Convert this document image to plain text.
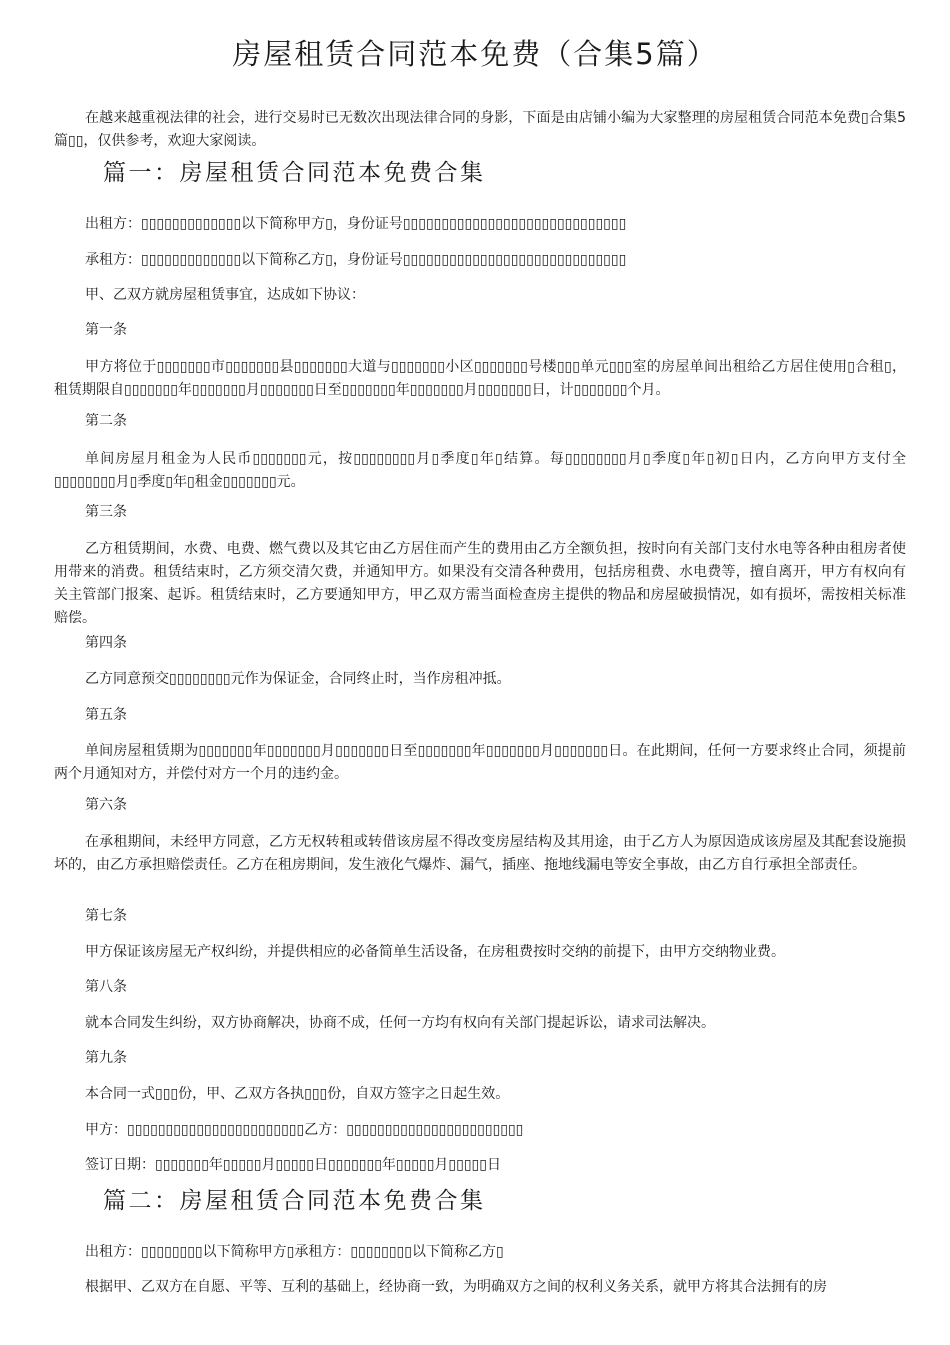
房屋租赁合同范本免费（合集5篇）
在越来越重视法律的社会，进行交易时已无数次出现法律合同的身影，下面是由店铺小编为大家整理的房屋租赁合同范本免费▯合集5篇▯▯，仅供参考，欢迎大家阅读。
篇一：房屋租赁合同范本免费合集
出租方：▯▯▯▯▯▯▯▯▯▯▯▯▯以下简称甲方▯，身份证号▯▯▯▯▯▯▯▯▯▯▯▯▯▯▯▯▯▯▯▯▯▯▯▯▯▯▯▯▯
承租方：▯▯▯▯▯▯▯▯▯▯▯▯▯以下简称乙方▯，身份证号▯▯▯▯▯▯▯▯▯▯▯▯▯▯▯▯▯▯▯▯▯▯▯▯▯▯▯▯▯
甲、乙双方就房屋租赁事宜，达成如下协议：
第一条
甲方将位于▯▯▯▯▯▯▯市▯▯▯▯▯▯▯县▯▯▯▯▯▯▯大道与▯▯▯▯▯▯▯小区▯▯▯▯▯▯▯号楼▯▯▯单元▯▯▯室的房屋单间出租给乙方居住使用▯合租▯，租赁期限自▯▯▯▯▯▯▯年▯▯▯▯▯▯▯月▯▯▯▯▯▯▯日至▯▯▯▯▯▯▯年▯▯▯▯▯▯▯月▯▯▯▯▯▯▯日，计▯▯▯▯▯▯▯个月。
第二条
单间房屋月租金为人民币▯▯▯▯▯▯▯元，按▯▯▯▯▯▯▯▯月▯季度▯年▯结算。每▯▯▯▯▯▯▯▯月▯季度▯年▯初▯日内，乙方向甲方支付全▯▯▯▯▯▯▯▯月▯季度▯年▯租金▯▯▯▯▯▯▯元。
第三条
乙方租赁期间，水费、电费、燃气费以及其它由乙方居住而产生的费用由乙方全额负担，按时向有关部门支付水电等各种由租房者使用带来的消费。租赁结束时，乙方须交清欠费，并通知甲方。如果没有交清各种费用，包括房租费、水电费等，擅自离开，甲方有权向有关主管部门报案、起诉。租赁结束时，乙方要通知甲方，甲乙双方需当面检查房主提供的物品和房屋破损情况，如有损坏，需按相关标准赔偿。
第四条
乙方同意预交▯▯▯▯▯▯▯▯元作为保证金，合同终止时，当作房租冲抵。
第五条
单间房屋租赁期为▯▯▯▯▯▯▯年▯▯▯▯▯▯▯月▯▯▯▯▯▯▯日至▯▯▯▯▯▯▯年▯▯▯▯▯▯▯月▯▯▯▯▯▯▯日。在此期间，任何一方要求终止合同，须提前两个月通知对方，并偿付对方一个月的违约金。
第六条
在承租期间，未经甲方同意，乙方无权转租或转借该房屋不得改变房屋结构及其用途，由于乙方人为原因造成该房屋及其配套设施损坏的，由乙方承担赔偿责任。乙方在租房期间，发生液化气爆炸、漏气，插座、拖地线漏电等安全事故，由乙方自行承担全部责任。
第七条
甲方保证该房屋无产权纠纷，并提供相应的必备简单生活设备，在房租费按时交纳的前提下，由甲方交纳物业费。
第八条
就本合同发生纠纷，双方协商解决，协商不成，任何一方均有权向有关部门提起诉讼，请求司法解决。
第九条
本合同一式▯▯▯份，甲、乙双方各执▯▯▯份，自双方签字之日起生效。
甲方：▯▯▯▯▯▯▯▯▯▯▯▯▯▯▯▯▯▯▯▯▯▯▯乙方：▯▯▯▯▯▯▯▯▯▯▯▯▯▯▯▯▯▯▯▯▯▯▯
签订日期：▯▯▯▯▯▯▯年▯▯▯▯▯月▯▯▯▯▯日▯▯▯▯▯▯▯年▯▯▯▯▯月▯▯▯▯▯日
篇二：房屋租赁合同范本免费合集
出租方：▯▯▯▯▯▯▯▯以下简称甲方▯承租方：▯▯▯▯▯▯▯▯以下简称乙方▯
根据甲、乙双方在自愿、平等、互利的基础上，经协商一致，为明确双方之间的权利义务关系，就甲方将其合法拥有的房
